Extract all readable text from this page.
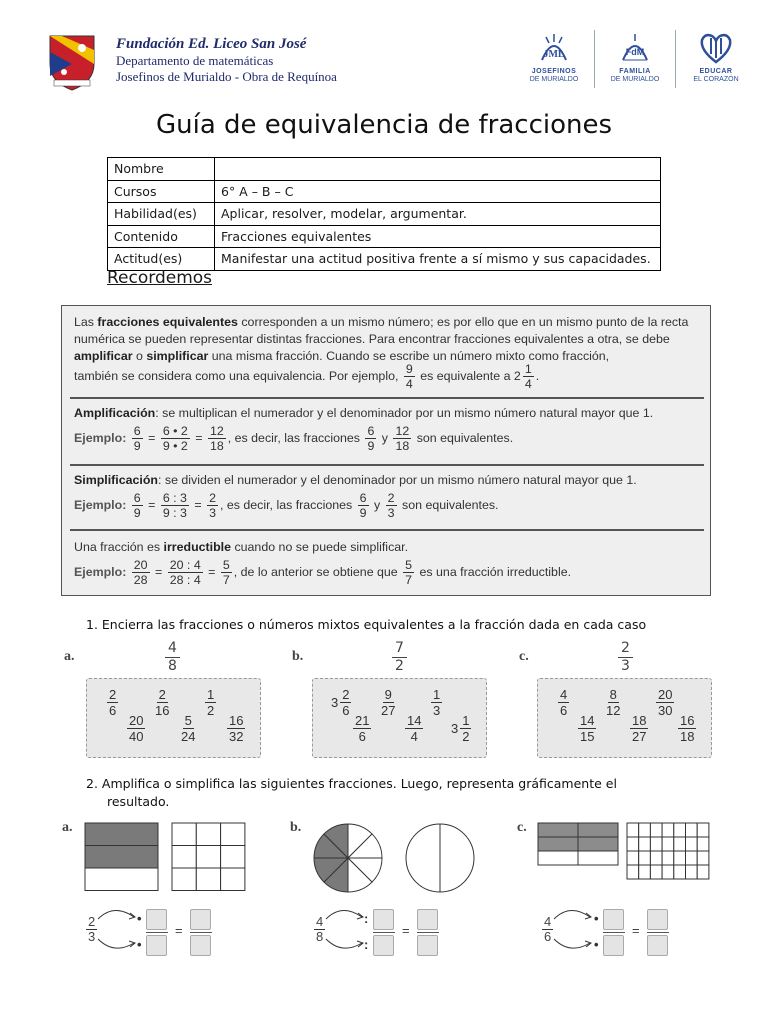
Fundación Ed. Liceo San José
Departamento de matemáticas
Josefinos de Murialdo - Obra de Requínoa
JML
JOSEFINOS
DE MURIALDO
FdM
FAMILIA
DE MURIALDO
EDUCAR
EL CORAZÓN
Guía de equivalencia de fracciones
Nombre	
Cursos	6° A – B – C
Habilidad(es)	Aplicar, resolver, modelar, argumentar.
Contenido	Fracciones equivalentes
Actitud(es)	Manifestar una actitud positiva frente a sí mismo y sus capacidades.
Recordemos

Las fracciones equivalentes corresponden a un mismo número; es por ello que en un mismo punto de la recta numérica se pueden representar distintas fracciones. Para encontrar fracciones equivalentes a otra, se debe amplificar o simplificar una misma fracción. Cuando se escribe un número mixto como fracción,

también se considera como una equivalencia. Por ejemplo, $\frac{9}{4}$ es equivalente a $2 \frac{1}{4}$ .

Amplificación: se multiplican el numerador y el denominador por un mismo número natural mayor que 1.

Ejemplo: $\frac{6}{9} = \frac{6 • 2}{9 • 2} = \frac{12}{18}$ , es decir, las fracciones $\frac{6}{9}$ y $\frac{12}{18}$ son equivalentes.

Simplificación: se dividen el numerador y el denominador por un mismo número natural mayor que 1.

Ejemplo: $\frac{6}{9} = \frac{6 : 3}{9 : 3} = \frac{2}{3}$ , es decir, las fracciones $\frac{6}{9}$ y $\frac{2}{3}$ son equivalentes.

Una fracción es irreductible cuando no se puede simplificar.

Ejemplo: $\frac{20}{28} = \frac{20 : 4}{28 : 4} = \frac{5}{7}$ , de lo anterior se obtiene que $\frac{5}{7}$ es una fracción irreductible.

1. Encierra las fracciones o números mixtos equivalentes a la fracción dada en cada caso
a.	$\frac{4}{8}$
$\frac{2}{6}$	$\frac{2}{16}$	$\frac{1}{2}$
$\frac{20}{40}$	$\frac{5}{24} \frac{16}{32}$
b.	$\frac{7}{2}$
$3 \frac{2}{6} \frac{9}{27}$	$\frac{1}{3}$
$\frac{21}{6}$	$\frac{14}{4} 3 \frac{1}{2}$
c.	$\frac{2}{3}$
$\frac{4}{6}$	$\frac{8}{12}$	$\frac{20}{30}$
$\frac{14}{15}$	$\frac{18}{27} \frac{16}{18}$
2. Amplifica o simplifica las siguientes fracciones. Luego, representa gráficamente el
resultado.
a.
$\frac{2}{3}$	•
•
=
b.
$\frac{4}{8}$	:
:
=
c.
$\frac{4}{6}$	•
•
=
